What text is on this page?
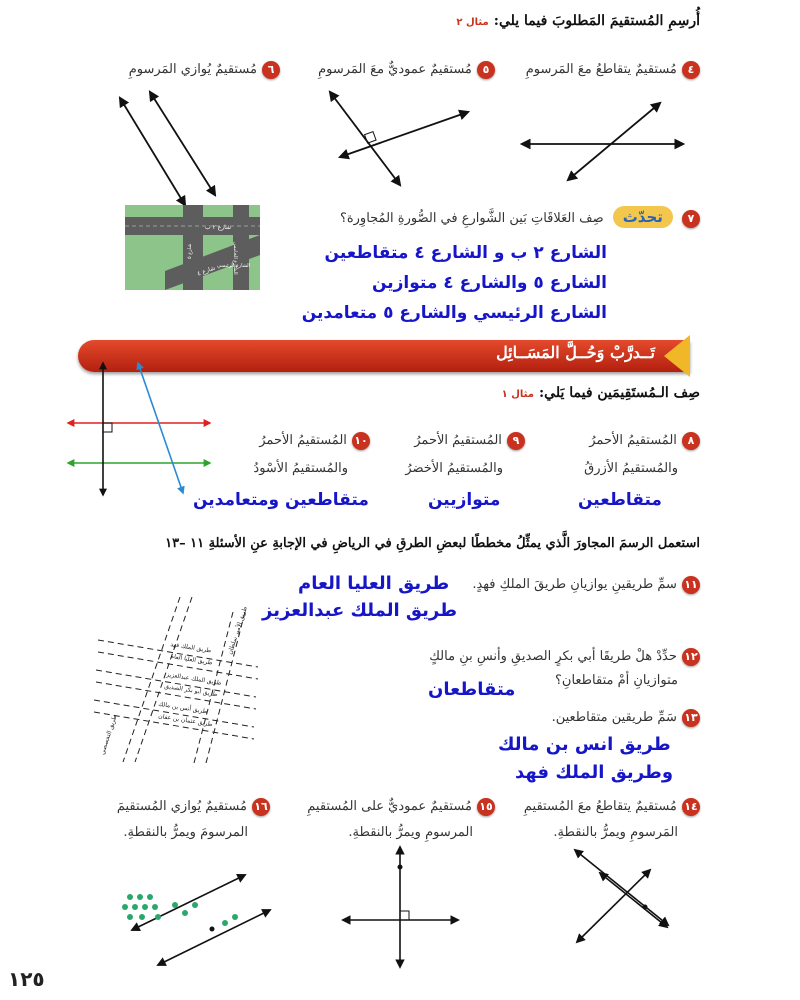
أُرسِمِ المُستقيمَ المَطلوبَ فيما يلي: مثال ٢
٤ مُستقيمٌ يتقاطعُ معَ المَرسومِ
٥ مُستقيمٌ عموديٌّ معَ المَرسومِ
٦ مُستقيمٌ يُوازي المَرسومِ
٧ تحدّث صِف العَلاقَاتِ بَين الشَّوارعِ في الصُّورةِ المُجاوِرة؟
شارع ٢ ب
شارع ٤ الشارع الرئيسي
شارع ٥	الشارع الخامس	الشارع ٢ ب و الشارع ٤ متقاطعين
الشارع ٥ والشارع ٤ متوازين
الشارع الرئيسي والشارع ٥ متعامدين
تَــدرَّبْ وَحُــلَّ المَسَــائِل
صِف الـمُستَقِيمَين فيما يَلي: مثال ١
٨ المُستقيمُ الأحمرُ
والمُستقيمُ الأزرقُ
٩ المُستقيمُ الأحمرُ
والمُستقيمُ الأخضرُ
١٠ المُستقيمُ الأحمرُ
والمُستقيمُ الأسْودُ
متقاطعين
متوازيين
متقاطعين ومتعامدين
استعمل الرسمَ المجاورَ الَّذي يمثِّلُ مخططًا لبعضِ الطرقِ في الرياضِ في الإجابةِ عنِ الأسئلةِ ١١ –١٣
طريق الملك فهد
طريق العليا العام
طريق الملك عبدالعزيز
طريق أبو بكر الصديق
طريق أنس بن مالك
طريق عثمان بن عفان
طريق الأمير سلطان
طريق التخصصي
١١ سمِّ طريقينِ يوازيانِ طريقَ الملكِ فهدٍ.
طريق العليا العام
طريق الملك عبدالعزيز
١٢ حدِّدْ هلْ طريقَا أبي بكرٍ الصديقِ وأنسِ بنِ مالكٍ
متوازيانِ أمْ متقاطعانِ؟
متقاطعان
١٣ سَمِّ طريقين متقاطعين.
طريق انس بن مالك
وطريق الملك فهد
١٤ مُستقيمٌ يتقاطعُ معَ المُستقيمِ
المَرسومِ ويمرُّ بالنقطةِ.
١٥ مُستقيمٌ عموديٌّ على المُستقيمِ
المرسومِ ويمرُّ بالنقطةِ.
١٦ مُستقيمٌ يُوازي المُستقيمَ
المرسومَ ويمرُّ بالنقطةِ.
١٢٥
